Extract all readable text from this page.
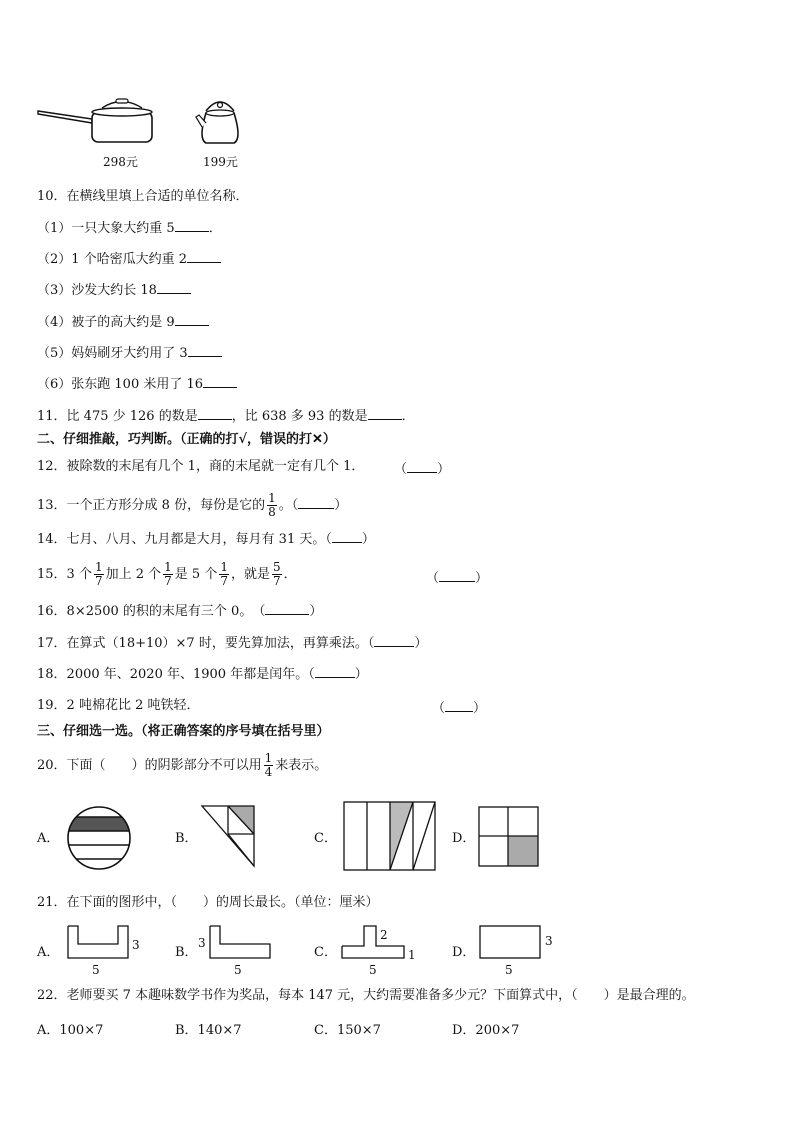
298元	199元
10．在横线里填上合适的单位名称．
（1）一只大象大约重 5	．
（2）1 个哈密瓜大约重 2
（3）沙发大约长 18
（4）被子的高大约是 9
（5）妈妈刷牙大约用了 3
（6）张东跑 100 米用了 16
11．比 475 少 126 的数是	，比 638 多 93 的数是	．
二、仔细推敲，巧判断。（正确的打√，错误的打✕）
12．被除数的末尾有几个 1，商的末尾就一定有几个 1． （ ）
13．一个正方形分成 8 份，每份是它的 $\frac{1}{8}$ 。（	）
14．七月、八月、九月都是大月，每月有 31 天。（ ）
15．3 个 $\frac{1}{7}$ 加上 2 个 $\frac{1}{7}$ 是 5 个 $\frac{1}{7}$ ，就是 $\frac{5}{7}$ ．	（	）
16．8×2500 的积的末尾有三个 0。　（	）
17．在算式（18+10）×7 时，要先算加法，再算乘法。（	）
18．2000 年、2020 年、1900 年都是闰年。（	）
19．2 吨棉花比 2 吨铁轻．	（ ）
三、仔细选一选。（将正确答案的序号填在括号里）
20．下面（　　 ）的阴影部分不可以用 $\frac{1}{4}$ 来表示。
A．	B．	C．	D．
21．在下面的图形中，（　　）的周长最长。（单位：厘米）
A．	3
5
B．
3
5
C．
2
1
5
D．
3
5
22．老师要买 7 本趣味数学书作为奖品，每本 147 元，大约需要准备多少元？下面算式中，（　　）是最合理的。
A．100×7	B．140×7	C．150×7	D．200×7
